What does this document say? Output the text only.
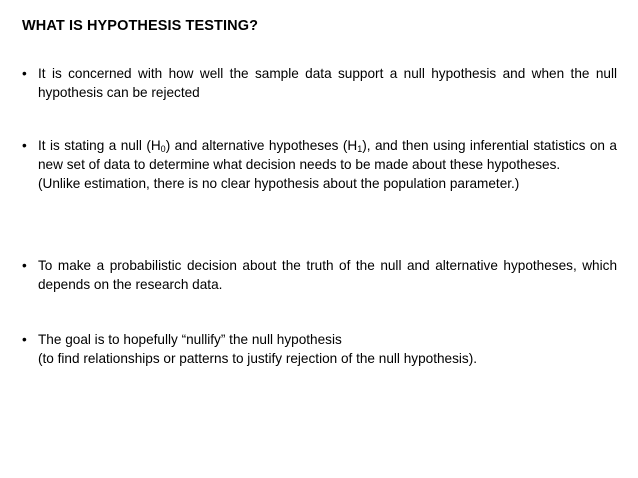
WHAT IS HYPOTHESIS TESTING?
• It is concerned with how well the sample data support a null hypothesis and when the null hypothesis can be rejected
• It is stating a null $(H_0)$ and alternative hypotheses $(H_1)$, and then using inferential statistics on a new set of data to determine what decision needs to be made about these hypotheses.
(Unlike estimation, there is no clear hypothesis about the population parameter.)
• To make a probabilistic decision about the truth of the null and alternative hypotheses, which depends on the research data.
• The goal is to hopefully “nullify” the null hypothesis
(to find relationships or patterns to justify rejection of the null hypothesis).
